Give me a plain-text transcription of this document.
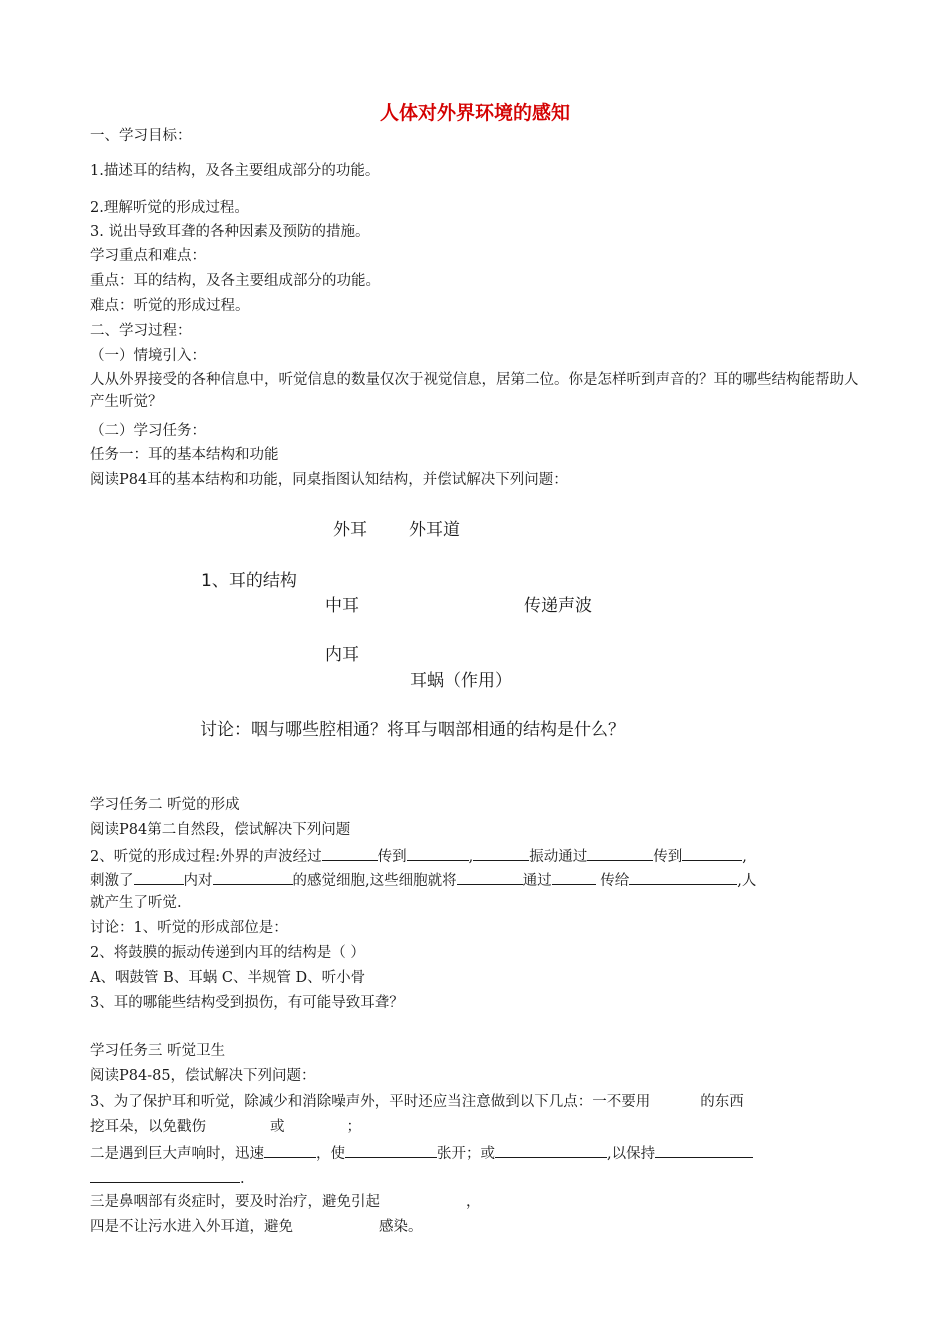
人体对外界环境的感知
一、学习目标：
1.描述耳的结构，及各主要组成部分的功能。
2.理解听觉的形成过程。
3. 说出导致耳聋的各种因素及预防的措施。
学习重点和难点：
重点：耳的结构，及各主要组成部分的功能。
难点：听觉的形成过程。
二、学习过程：
（一）情境引入：
人从外界接受的各种信息中，听觉信息的数量仅次于视觉信息，居第二位。你是怎样听到声音的？耳的哪些结构能帮助人产生听觉？
（二）学习任务：
任务一：耳的基本结构和功能
阅读P84耳的基本结构和功能，同桌指图认知结构，并偿试解决下列问题：
外耳 外耳道
1、耳的结构
中耳	传递声波
内耳
耳蜗（作用）
讨论：咽与哪些腔相通？将耳与咽部相通的结构是什么？
学习任务二 听觉的形成
阅读P84第二自然段，偿试解决下列问题
2、听觉的形成过程:外界的声波经过	传到	,	振动通过	传到	,
刺激了	内对	的感觉细胞,这些细胞就将	通过	传给	,人
就产生了听觉.
讨论：1、听觉的形成部位是：
2、将鼓膜的振动传递到内耳的结构是（ ）
A、咽鼓管 B、耳蜗 C、半规管 D、听小骨
3、耳的哪能些结构受到损伤，有可能导致耳聋？
学习任务三 听觉卫生
阅读P84-85，偿试解决下列问题：
3、为了保护耳和听觉，除减少和消除噪声外，平时还应当注意做到以下几点：一不要用	的东西
挖耳朵，以免戳伤	或	；
二是遇到巨大声响时，迅速	，使	张开；或	,以保持
.
三是鼻咽部有炎症时，要及时治疗，避免引起	，
四是不让污水进入外耳道，避免	感染。
